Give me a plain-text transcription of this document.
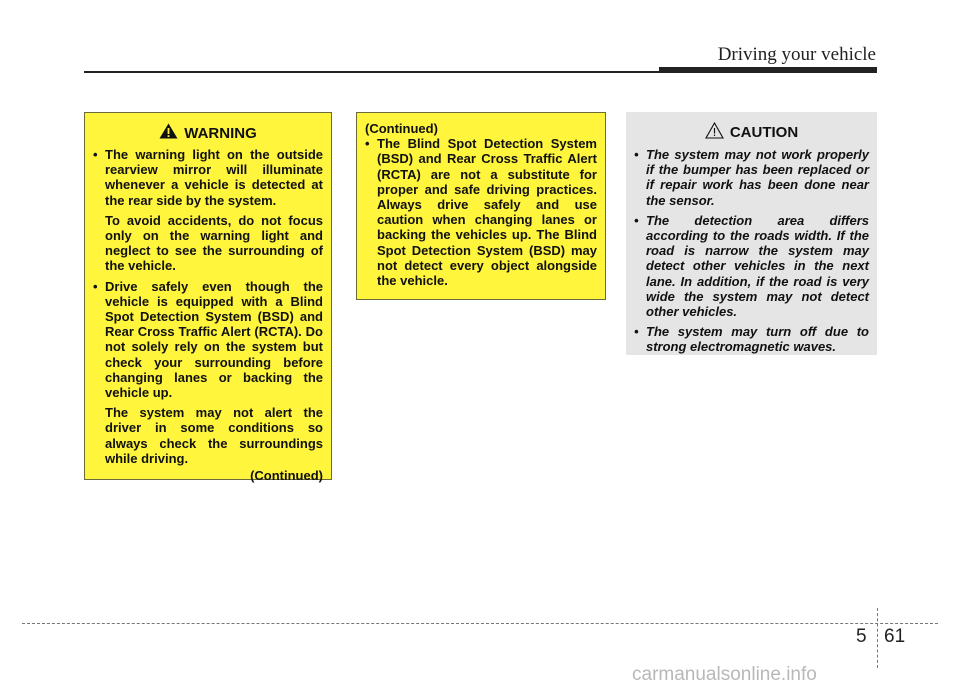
Driving your vehicle
WARNING
• The warning light on the outside rearview mirror will illuminate whenever a vehicle is detected at the rear side by the system.
To avoid accidents, do not focus only on the warning light and neglect to see the surrounding of the vehicle.
• Drive safely even though the vehicle is equipped with a Blind Spot Detection System (BSD) and Rear Cross Traffic Alert (RCTA). Do not solely rely on the system but check your surrounding before changing lanes or backing the vehicle up.
The system may not alert the driver in some conditions so always check the surroundings while driving.
(Continued)
(Continued)
• The Blind Spot Detection System (BSD) and Rear Cross Traffic Alert (RCTA) are not a substitute for proper and safe driving practices. Always drive safely and use caution when changing lanes or backing the vehicles up. The Blind Spot Detection System (BSD) may not detect every object alongside the vehicle.
CAUTION
• The system may not work properly if the bumper has been replaced or if repair work has been done near the sensor.
• The detection area differs according to the roads width. If the road is narrow the system may detect other vehicles in the next lane. In addition, if the road is very wide the system may not detect other vehicles.
• The system may turn off due to strong electromagnetic waves.
5 61
carmanualsonline.info
